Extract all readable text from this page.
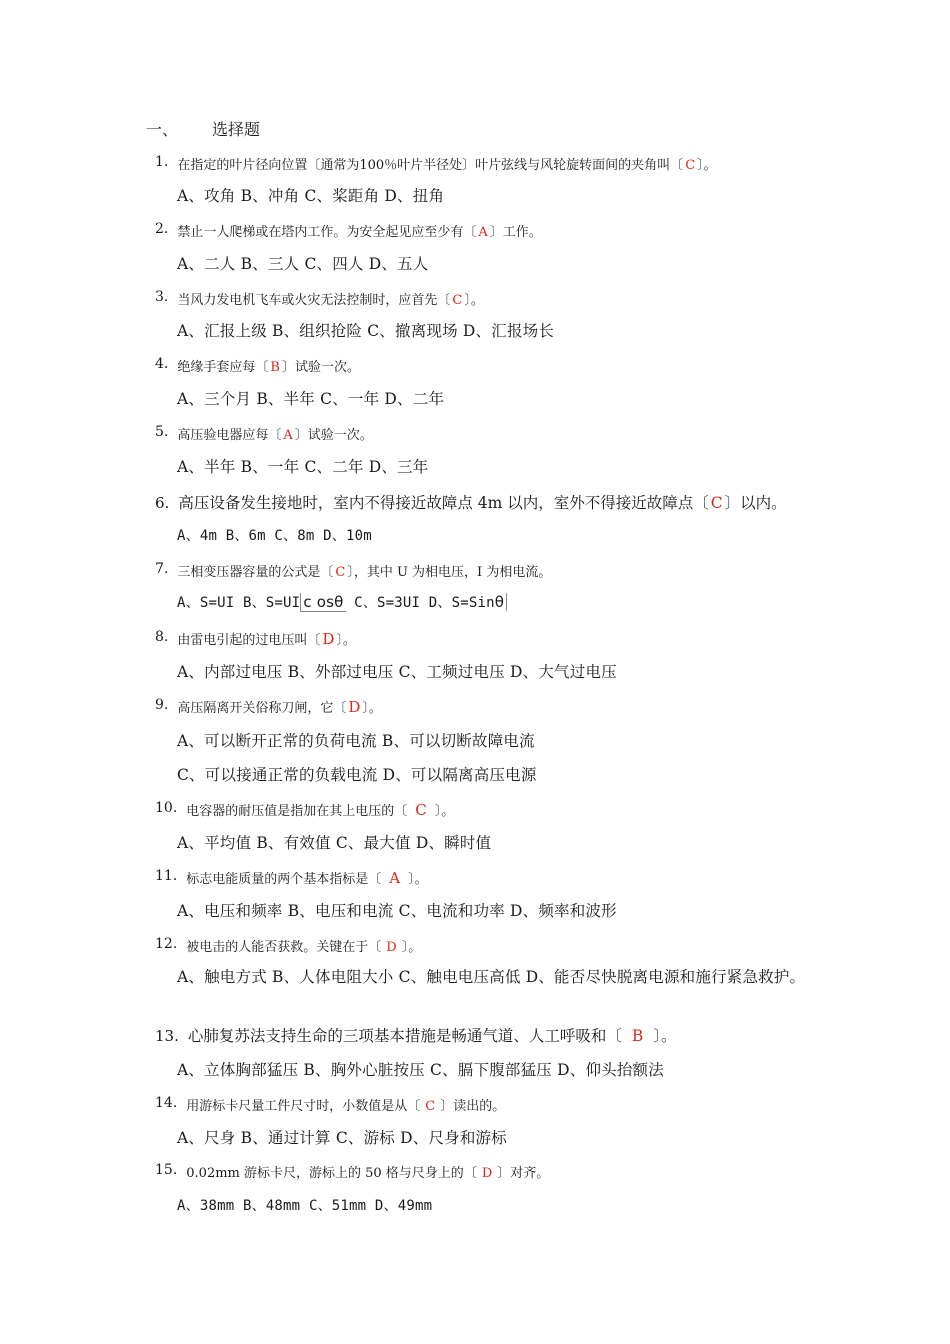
一、 选择题
1. 在指定的叶片径向位置〔通常为100％叶片半径处〕叶片弦线与风轮旋转面间的夹角叫〔 C 〕。
A、攻角 B、冲角 C、桨距角 D、扭角
2. 禁止一人爬梯或在塔内工作。为安全起见应至少有〔 A 〕工作。
A、二人 B、三人 C、四人 D、五人
3. 当风力发电机飞车或火灾无法控制时，应首先〔 C 〕。
A、汇报上级 B、组织抢险 C、撤离现场 D、汇报场长
4. 绝缘手套应每〔 B 〕试验一次。
A、三个月 B、半年 C、一年 D、二年
5. 高压验电器应每〔 A 〕试验一次。
A、半年 B、一年 C、二年 D、三年
6. 高压设备发生接地时，室内不得接近故障点 4m 以内，室外不得接近故障点〔 C 〕以内。
A、4m B、6m C、8m D、10m
7. 三相变压器容量的公式是〔 C 〕，其中 U 为相电压，I 为相电流。
A、S=UI B、S=UI c osθ C、S=3UI D、S=Sinθ
8. 由雷电引起的过电压叫〔 D 〕。
A、内部过电压 B、外部过电压 C、工频过电压 D、大气过电压
9. 高压隔离开关俗称刀闸，它〔 D 〕。
A、可以断开正常的负荷电流 B、可以切断故障电流
C、可以接通正常的负载电流 D、可以隔离高压电源
10. 电容器的耐压值是指加在其上电压的〔 C 〕。
A、平均值 B、有效值 C、最大值 D、瞬时值
11. 标志电能质量的两个基本指标是〔 A 〕。
A、电压和频率 B、电压和电流 C、电流和功率 D、频率和波形
12. 被电击的人能否获救。关键在于〔 D 〕。
A、触电方式 B、人体电阻大小 C、触电电压高低 D、能否尽快脱离电源和施行紧急救护。
13. 心肺复苏法支持生命的三项基本措施是畅通气道、人工呼吸和〔 B 〕。
A、立体胸部猛压 B、胸外心脏按压 C、膈下腹部猛压 D、仰头抬额法
14. 用游标卡尺量工件尺寸时，小数值是从〔 C 〕读出的。
A、尺身 B、通过计算 C、游标 D、尺身和游标
15. 0.02mm 游标卡尺，游标上的 50 格与尺身上的〔 D 〕对齐。
A、38mm B、48mm C、51mm D、49mm
